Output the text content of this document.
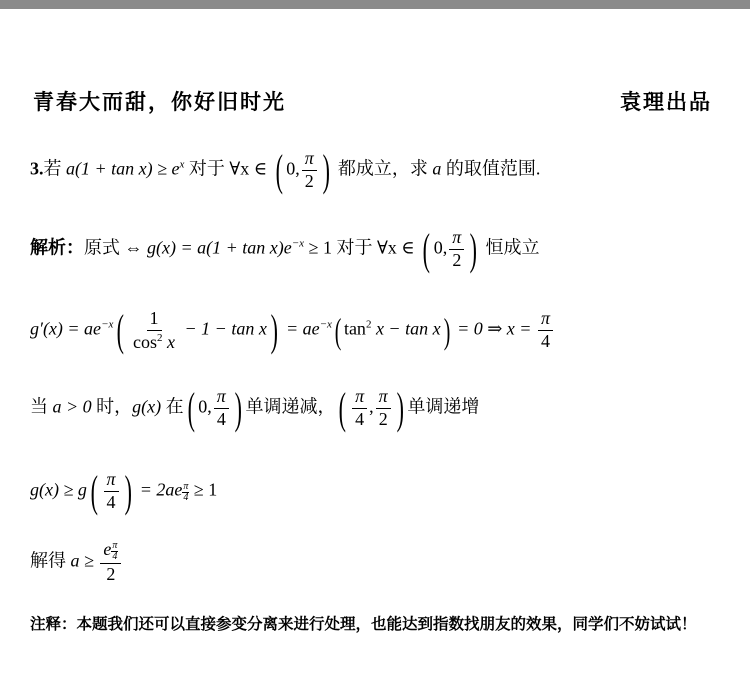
青春大而甜，你好旧时光	袁理出品
3.若 $a(1 + \tan x) \ge e^x$ 对于 ∀x ∈ ( 0, $\frac{\pi}{2}$ ) 都成立，求 a 的取值范围.
解析：原式 ⇔ $g(x) = a(1 + \tan x)e^{-x} \ge 1$ 对于 ∀x ∈ ( 0, $\frac{\pi}{2}$ ) 恒成立
$g'(x) = ae^{-x}( \frac{1}{\cos^2 x} - 1 - \tan x) = ae^{-x}$( $\tan^2 x - \tan x) = 0$ ⇒ $x = \frac{\pi}{4}$
当 a > 0 时，g(x) 在( 0, $\frac{\pi}{4}$ ) 单调递减，( $\frac{\pi}{4}$ , $\frac{\pi}{2}$ ) 单调递增
$g(x) \ge g( \frac{\pi}{4}$ ) = $2ae \frac{\pi}{4} \ge 1$
解得 $a \ge \frac{e \frac{\pi}{4}}{2}$
注释：本题我们还可以直接参变分离来进行处理，也能达到指数找朋友的效果，同学们不妨试试！
